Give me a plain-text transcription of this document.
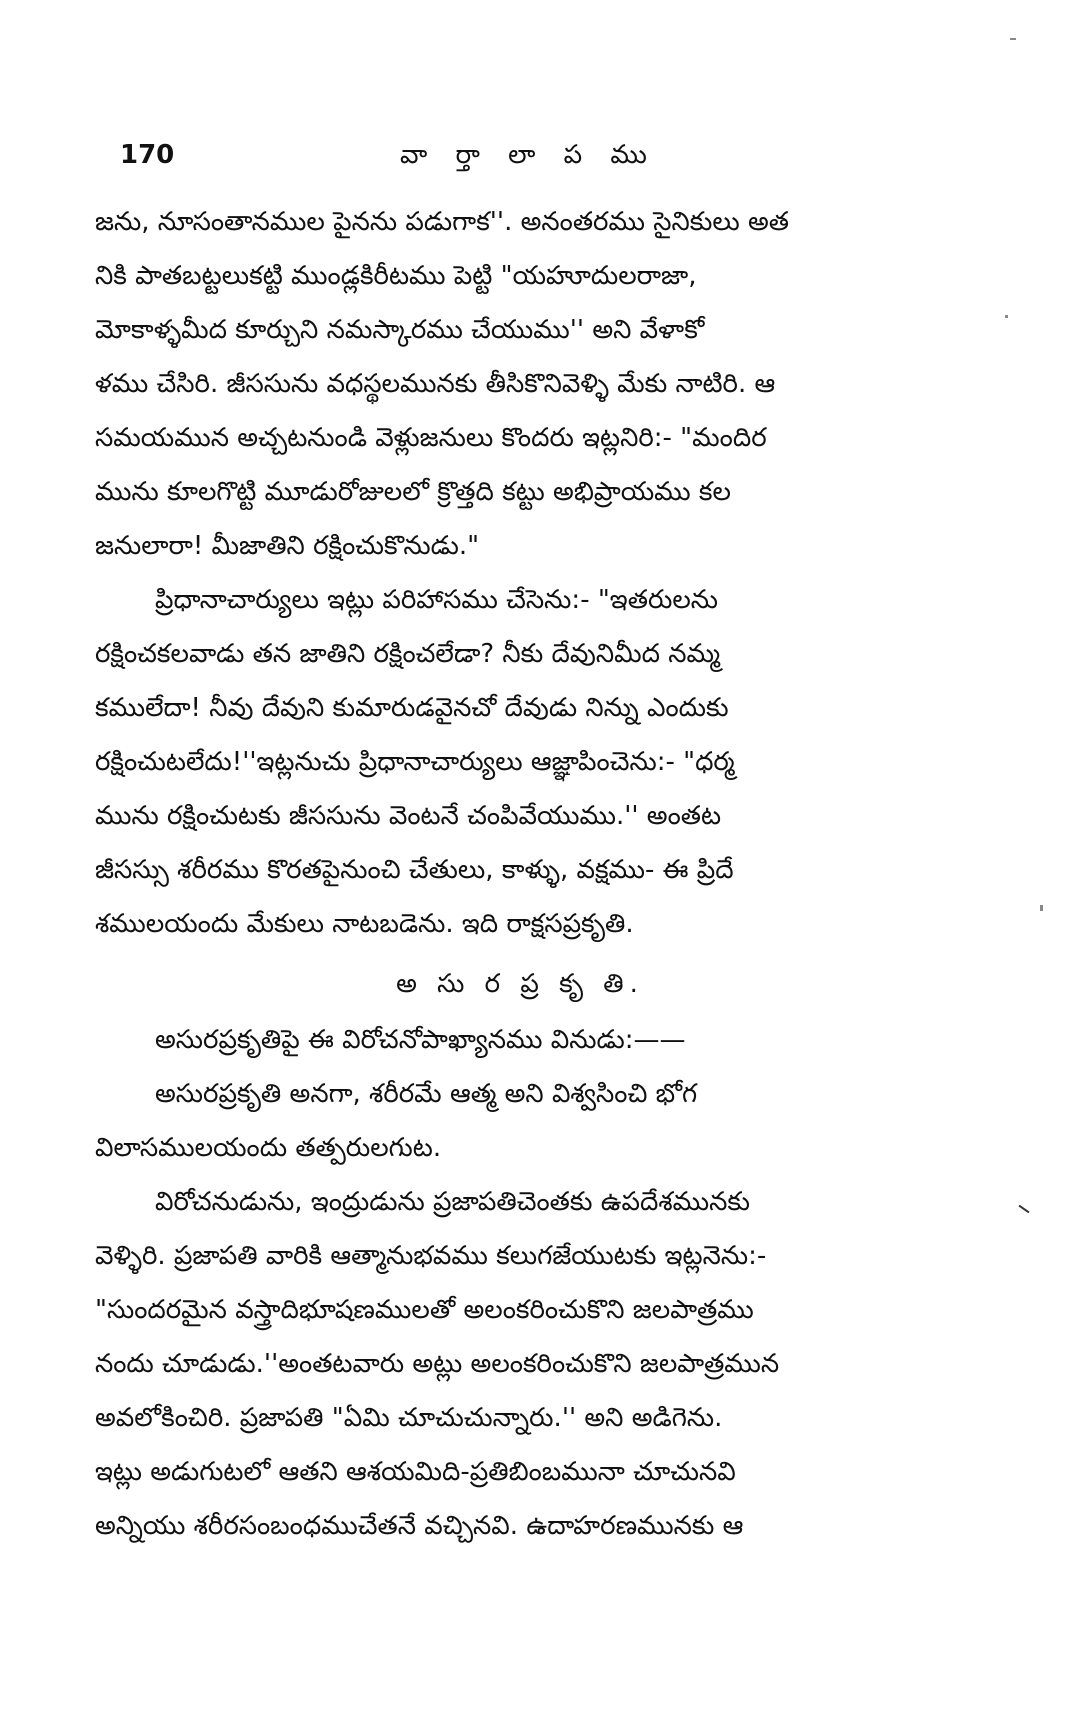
170	వా ర్తా లా ప ము
జను, నూసంతానముల పైనను పడుగాక''. అనంతరము సైనికులు అత
నికి పాతబట్టలుకట్టి ముండ్లకిరీటము పెట్టి "యహూదులరాజా,
మోకాళ్ళమీద కూర్చుని నమస్కారము చేయుము'' అని వేళాకో
ళము చేసిరి. జీససును వధస్థలమునకు తీసికొనివెళ్ళి మేకు నాటిరి. ఆ
సమయమున అచ్చటనుండి వెళ్లుజనులు కొందరు ఇట్లనిరి:- "మందిర
మును కూలగొట్టి మూడురోజులలో క్రొత్తది కట్టు అభిప్రాయము కల
జనులారా! మీజాతిని రక్షించుకొనుడు."
ప్రిధానాచార్యులు ఇట్లు పరిహాసము చేసెను:- "ఇతరులను
రక్షించకలవాడు తన జాతిని రక్షించలేడా? నీకు దేవునిమీద నమ్మ
కములేదా! నీవు దేవుని కుమారుడవైనచో దేవుడు నిన్ను ఎందుకు
రక్షించుటలేదు!''ఇట్లనుచు ప్రిధానాచార్యులు ఆజ్ఞాపించెను:- "ధర్మ
మును రక్షించుటకు జీససును వెంటనే చంపివేయుము.'' అంతట
జీసస్సు శరీరము కొరతపైనుంచి చేతులు, కాళ్ళు, వక్షము- ఈ ప్రిదే
శములయందు మేకులు నాటబడెను. ఇది రాక్షసప్రకృతి.
అ సు ర ప్ర కృ తి.
అసురప్రకృతిపై ఈ విరోచనోపాఖ్యానము వినుడు:——
అసురప్రకృతి అనగా, శరీరమే ఆత్మ అని విశ్వసించి భోగ
విలాసములయందు తత్పరులగుట.
విరోచనుడును, ఇంద్రుడును ప్రజాపతిచెంతకు ఉపదేశమునకు
వెళ్ళిరి. ప్రజాపతి వారికి ఆత్మానుభవము కలుగజేయుటకు ఇట్లనెను:-
"సుందరమైన వస్త్రాదిభూషణములతో అలంకరించుకొని జలపాత్రము
నందు చూడుడు.''అంతటవారు అట్లు అలంకరించుకొని జలపాత్రమున
అవలోకించిరి. ప్రజాపతి "ఏమి చూచుచున్నారు.'' అని అడిగెను.
ఇట్లు అడుగుటలో ఆతని ఆశయమిది-ప్రతిబింబమునా చూచునవి
అన్నియు శరీరసంబంధముచేతనే వచ్చినవి. ఉదాహరణమునకు ఆ
